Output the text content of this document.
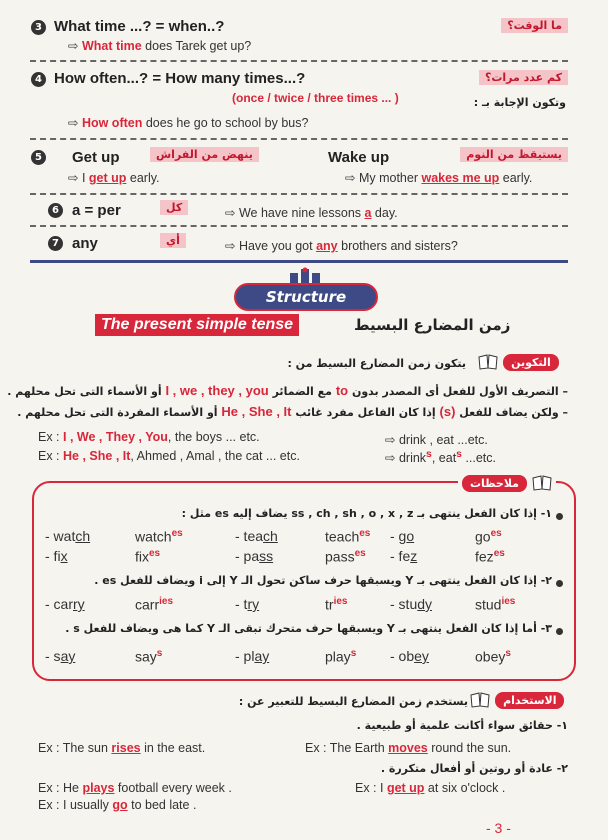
3 What time ...? = when..?	ما الوقت؟
⇨ What time does Tarek get up?
4 How often...? = How many times...?	كم عدد مرات؟
وتكون الإجابة بـ :
(once / twice / three times ... )
⇨ How often does he go to school by bus?
5 Get up	ينهض من الفراش	Wake up	يستيقظ من النوم
⇨ I get up early.	⇨ My mother wakes me up early.
6 a = per	كل	⇨ We have nine lessons a day.
7 any	أي	⇨ Have you got any brothers and sisters?
Structure
The present simple tense	زمن المضارع البسيط
التكوين
يتكون زمن المضارع البسيط من :
– التصريف الأول للفعل أى المصدر بدون to مع الضمائر I , we , they , you أو الأسماء التى تحل محلهم .
– ولكن يضاف للفعل (s) إذا كان الفاعل مفرد غائب He , She , It أو الأسماء المفردة التى تحل محلهم .
Ex : I , We , They , You, the boys ... etc.	⇨ drink , eat ...etc.
Ex : He , She , It, Ahmed , Amal , the cat ... etc.	⇨ drink$^s$, eat$^s$ ...etc.
ملاحظات
١- إذا كان الفعل ينتهى بـ ss , ch , sh , o , x , z يضاف إليه es مثل :
- watch	watch$^{es}$	- teach	teach$^{es}$ - go	$go^{es}$
- fix	fix$^{es}$	- pass	pass$^{es}$ - fez	fez$^{es}$
٢- إذا كان الفعل ينتهى بـ Y ويسبقها حرف ساكن تحول الـ Y إلى i ويضاف للفعل es .
- carry	carr$^{ies}$	- try	$tr^{ies}$	- study	stud$^{ies}$
٣- أما إذا كان الفعل ينتهى بـ Y ويسبقها حرف متحرك تبقى الـ Y كما هى ويضاف للفعل s .
- say	say$^s$	- play	play$^s$ - obey	obey$^s$
الاستخدام
يستخدم زمن المضارع البسيط للتعبير عن :
١- حقائق سواء أكانت علمية أو طبيعية .
Ex : The sun rises in the east.	Ex : The Earth moves round the sun.
٢- عادة أو روتين أو أفعال متكررة .
Ex : He plays football every week .	Ex : I get up at six o'clock .
Ex : I usually go to bed late .
- 3 -
